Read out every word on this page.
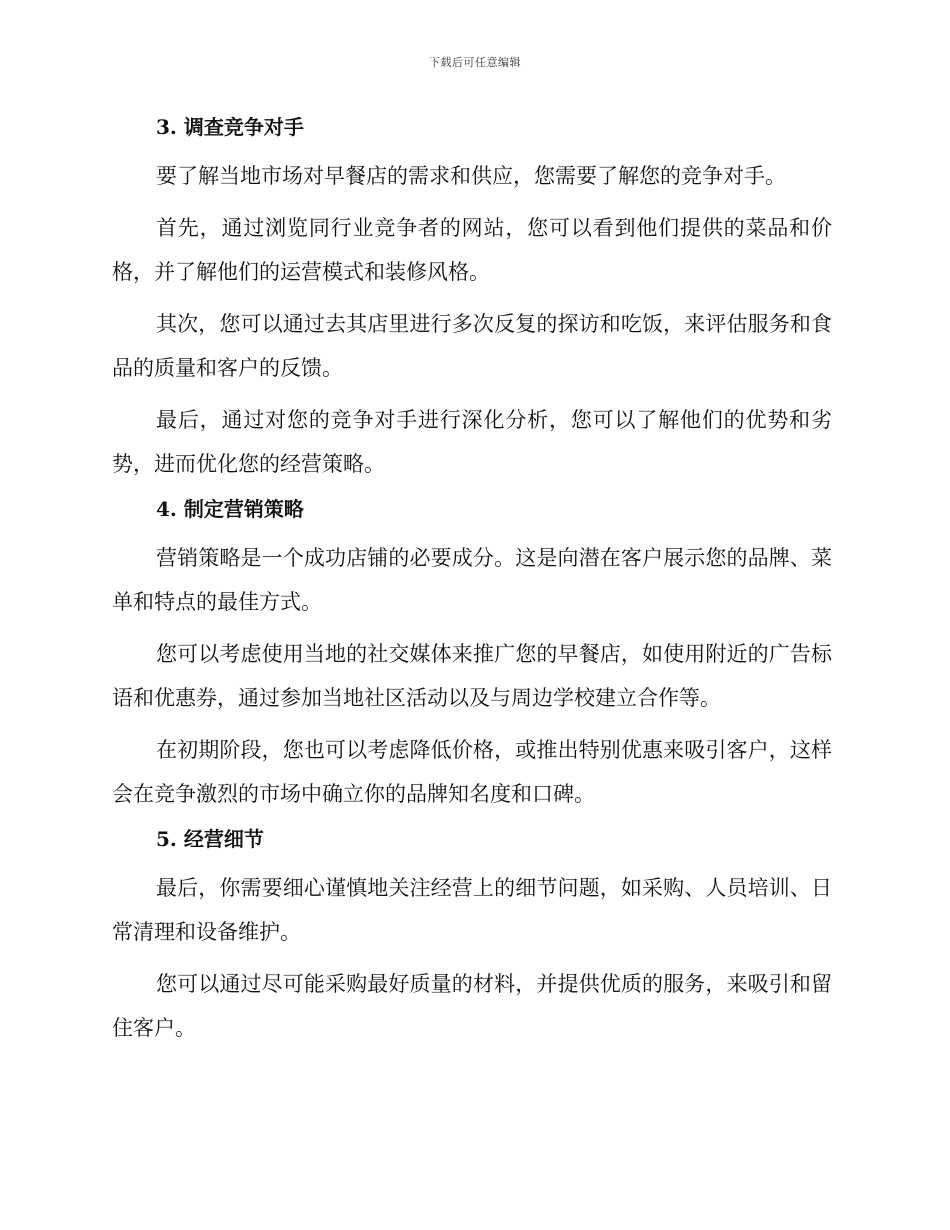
下载后可任意编辑
3. 调查竞争对手

要了解当地市场对早餐店的需求和供应，您需要了解您的竞争对手。

首先，通过浏览同行业竞争者的网站，您可以看到他们提供的菜品和价格，并了解他们的运营模式和装修风格。

其次，您可以通过去其店里进行多次反复的探访和吃饭，来评估服务和食品的质量和客户的反馈。

最后，通过对您的竞争对手进行深化分析，您可以了解他们的优势和劣势，进而优化您的经营策略。

4. 制定营销策略

营销策略是一个成功店铺的必要成分。这是向潜在客户展示您的品牌、菜单和特点的最佳方式。

您可以考虑使用当地的社交媒体来推广您的早餐店，如使用附近的广告标语和优惠券，通过参加当地社区活动以及与周边学校建立合作等。

在初期阶段，您也可以考虑降低价格，或推出特别优惠来吸引客户，这样会在竞争激烈的市场中确立你的品牌知名度和口碑。

5. 经营细节

最后，你需要细心谨慎地关注经营上的细节问题，如采购、人员培训、日常清理和设备维护。

您可以通过尽可能采购最好质量的材料，并提供优质的服务，来吸引和留住客户。
